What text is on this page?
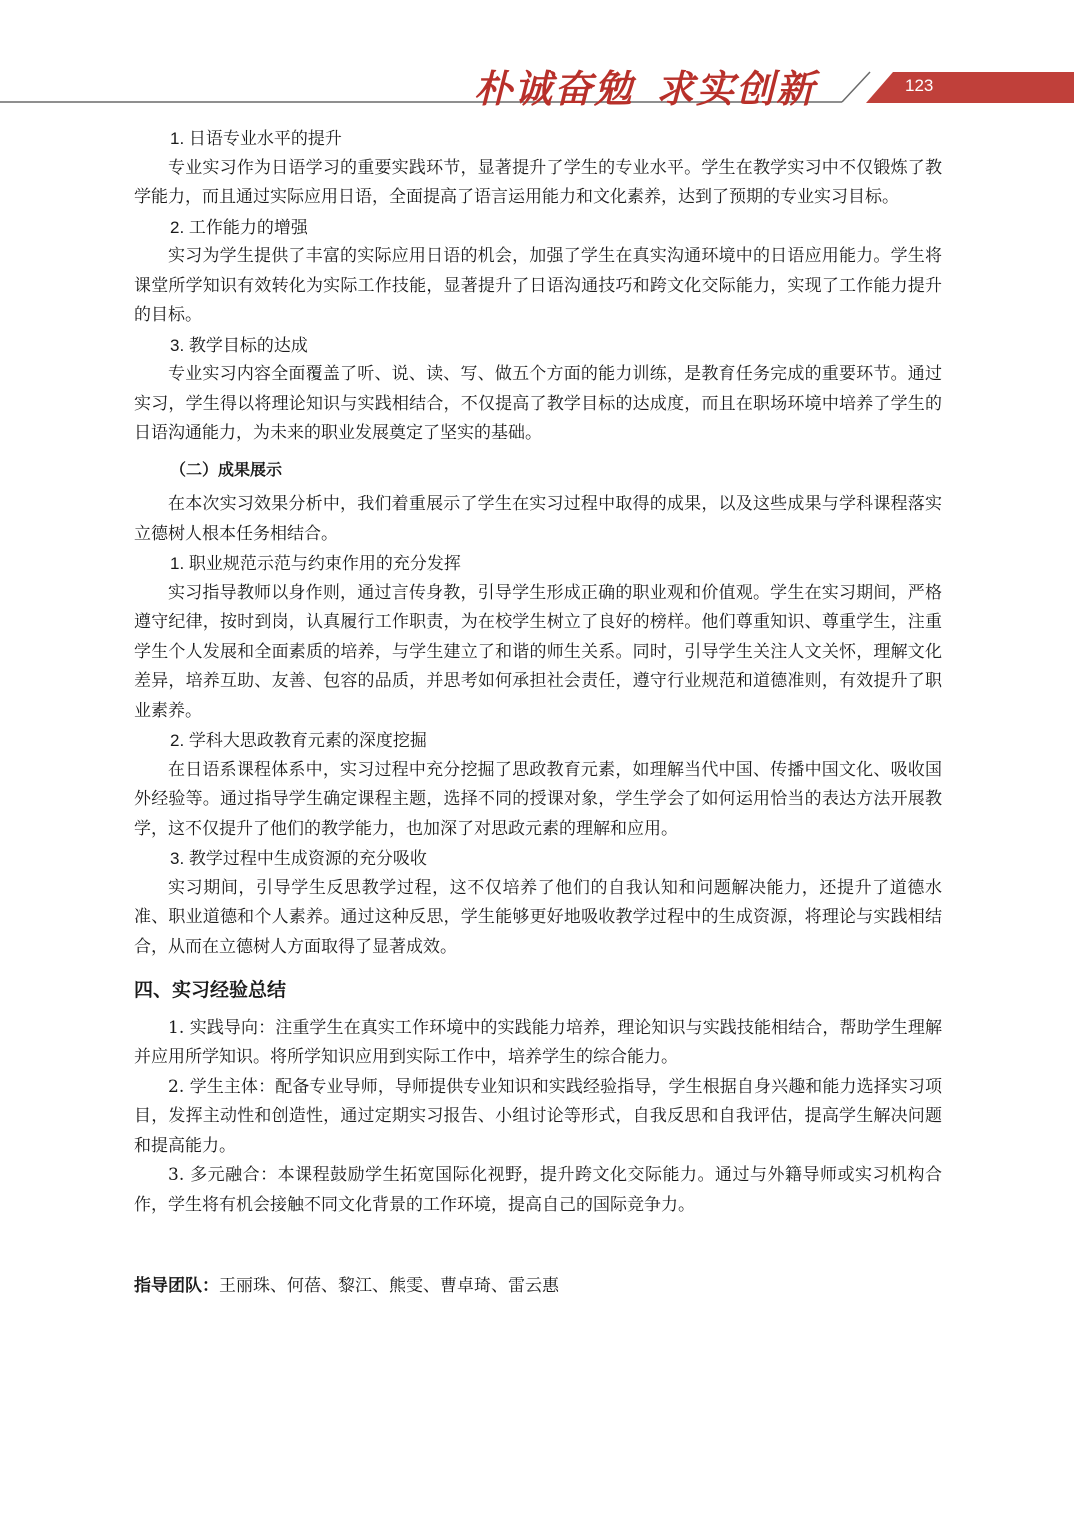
朴诚奋勉 求实创新	123

1. 日语专业水平的提升

专业实习作为日语学习的重要实践环节，显著提升了学生的专业水平。学生在教学实习中不仅锻炼了教学能力，而且通过实际应用日语，全面提高了语言运用能力和文化素养，达到了预期的专业实习目标。

2. 工作能力的增强

实习为学生提供了丰富的实际应用日语的机会，加强了学生在真实沟通环境中的日语应用能力。学生将课堂所学知识有效转化为实际工作技能，显著提升了日语沟通技巧和跨文化交际能力，实现了工作能力提升的目标。

3. 教学目标的达成

专业实习内容全面覆盖了听、说、读、写、做五个方面的能力训练，是教育任务完成的重要环节。通过实习，学生得以将理论知识与实践相结合，不仅提高了教学目标的达成度，而且在职场环境中培养了学生的日语沟通能力，为未来的职业发展奠定了坚实的基础。

（二）成果展示

在本次实习效果分析中，我们着重展示了学生在实习过程中取得的成果，以及这些成果与学科课程落实立德树人根本任务相结合。

1. 职业规范示范与约束作用的充分发挥

实习指导教师以身作则，通过言传身教，引导学生形成正确的职业观和价值观。学生在实习期间，严格遵守纪律，按时到岗，认真履行工作职责，为在校学生树立了良好的榜样。他们尊重知识、尊重学生，注重学生个人发展和全面素质的培养，与学生建立了和谐的师生关系。同时，引导学生关注人文关怀，理解文化差异，培养互助、友善、包容的品质，并思考如何承担社会责任，遵守行业规范和道德准则，有效提升了职业素养。

2. 学科大思政教育元素的深度挖掘

在日语系课程体系中，实习过程中充分挖掘了思政教育元素，如理解当代中国、传播中国文化、吸收国外经验等。通过指导学生确定课程主题，选择不同的授课对象，学生学会了如何运用恰当的表达方法开展教学，这不仅提升了他们的教学能力，也加深了对思政元素的理解和应用。

3. 教学过程中生成资源的充分吸收

实习期间，引导学生反思教学过程，这不仅培养了他们的自我认知和问题解决能力，还提升了道德水准、职业道德和个人素养。通过这种反思，学生能够更好地吸收教学过程中的生成资源，将理论与实践相结合，从而在立德树人方面取得了显著成效。

四、实习经验总结

1. 实践导向：注重学生在真实工作环境中的实践能力培养，理论知识与实践技能相结合，帮助学生理解并应用所学知识。将所学知识应用到实际工作中，培养学生的综合能力。

2. 学生主体：配备专业导师，导师提供专业知识和实践经验指导，学生根据自身兴趣和能力选择实习项目，发挥主动性和创造性，通过定期实习报告、小组讨论等形式，自我反思和自我评估，提高学生解决问题和提高能力。

3. 多元融合：本课程鼓励学生拓宽国际化视野，提升跨文化交际能力。通过与外籍导师或实习机构合作，学生将有机会接触不同文化背景的工作环境，提高自己的国际竞争力。

指导团队：王丽珠、何蓓、黎江、熊雯、曹卓琦、雷云惠
